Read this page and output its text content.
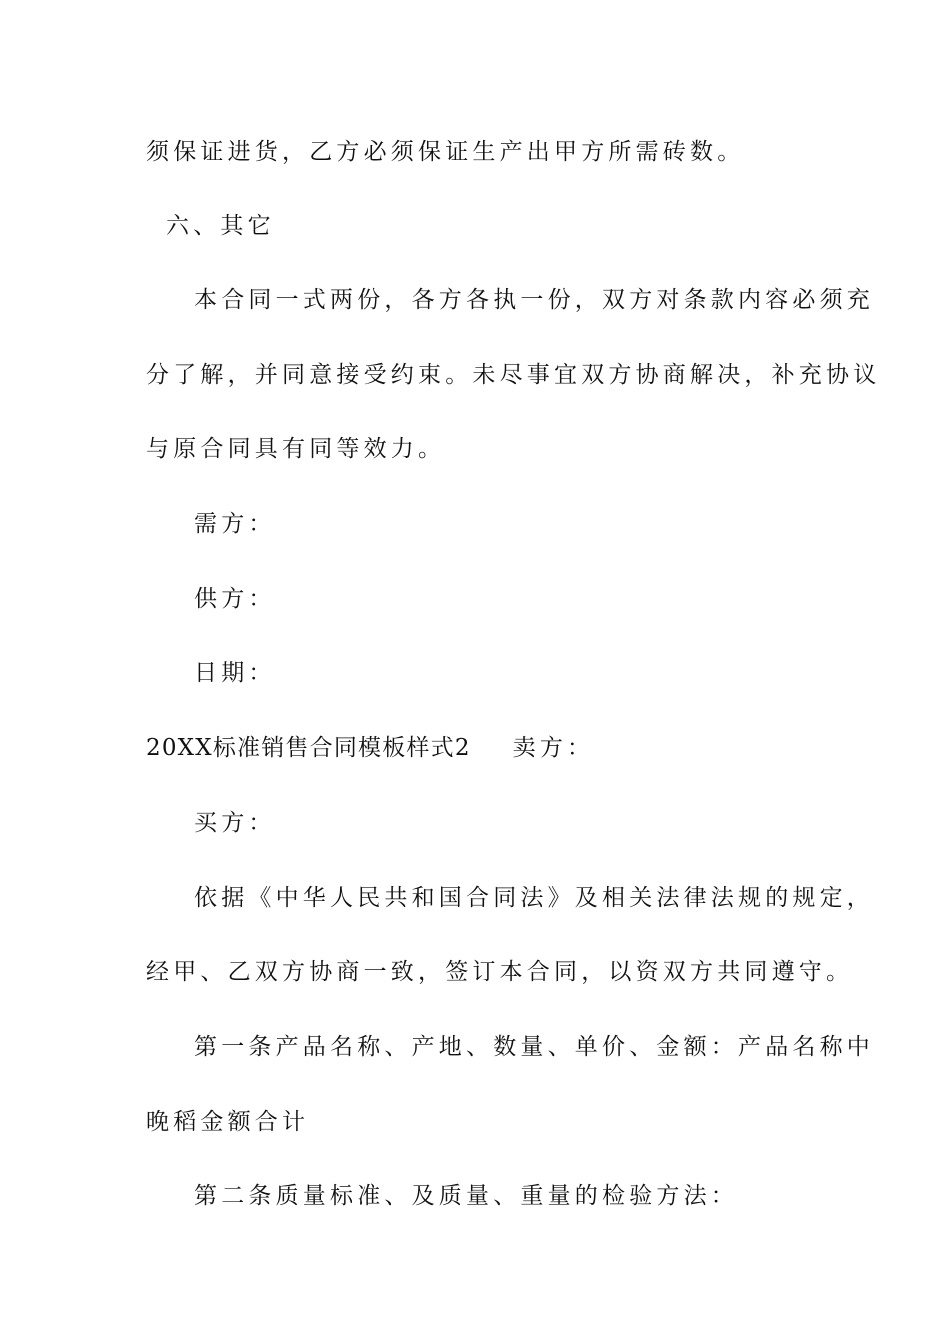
须保证进货，乙方必须保证生产出甲方所需砖数。
六、其它
本合同一式两份，各方各执一份，双方对条款内容必须充
分了解，并同意接受约束。未尽事宜双方协商解决，补充协议
与原合同具有同等效力。
需方：
供方：
日期：
20XX标准销售合同模板样式2 卖方：
买方：
依据《中华人民共和国合同法》及相关法律法规的规定，
经甲、乙双方协商一致，签订本合同，以资双方共同遵守。
第一条产品名称、产地、数量、单价、金额：产品名称中
晚稻金额合计
第二条质量标准、及质量、重量的检验方法：
